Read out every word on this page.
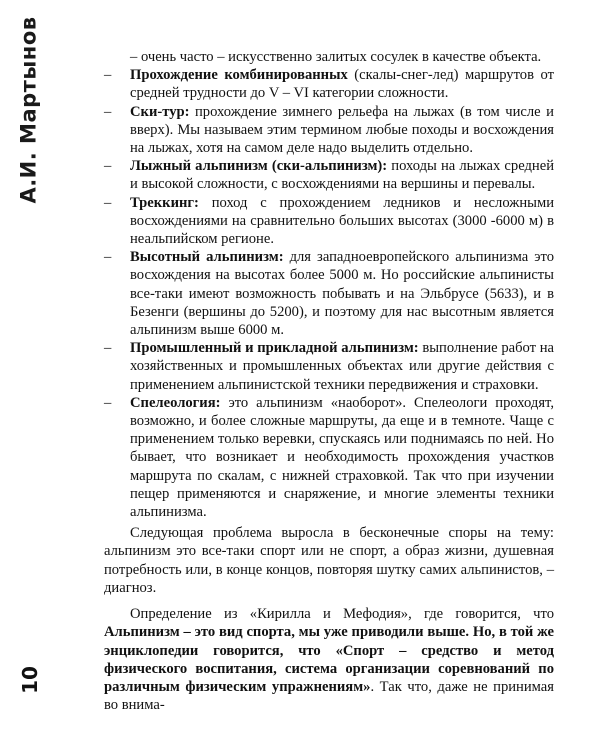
А.И. Мартынов
10
– очень часто – искусственно залитых сосулек в качестве объекта.
–	Прохождение комбинированных (скалы-снег-лед) маршрутов от средней трудности до V – VI категории сложности.
–	Ски-тур: прохождение зимнего рельефа на лыжах (в том числе и вверх). Мы называем этим термином любые походы и восхождения на лыжах, хотя на самом деле надо выделить отдельно.
–	Лыжный альпинизм (ски-альпинизм): походы на лыжах средней и высокой сложности, с восхождениями на вершины и перевалы.
–	Треккинг: поход с прохождением ледников и несложными восхождениями на сравнительно больших высотах (3000 -6000 м) в неальпийском регионе.
–	Высотный альпинизм: для западноевропейского альпинизма это восхождения на высотах более 5000 м. Но российские альпинисты все-таки имеют возможность побывать и на Эльбрусе (5633), и в Безенги (вершины до 5200), и поэтому для нас высотным является альпинизм выше 6000 м.
–	Промышленный и прикладной альпинизм: выполнение работ на хозяйственных и промышленных объектах или другие действия с применением альпинистской техники передвижения и страховки.
–	Спелеология: это альпинизм «наоборот». Спелеологи проходят, возможно, и более сложные маршруты, да еще и в темноте. Чаще с применением только веревки, спускаясь или поднимаясь по ней. Но бывает, что возникает и необходимость прохождения участков маршрута по скалам, с нижней страховкой. Так что при изучении пещер применяются и снаряжение, и многие элементы техники альпинизма.

Следующая проблема выросла в бесконечные споры на тему: альпинизм это все-таки спорт или не спорт, а образ жизни, душевная потребность или, в конце концов, повторяя шутку самих альпинистов, – диагноз.

Определение из «Кирилла и Мефодия», где говорится, что Альпинизм – это вид спорта, мы уже приводили выше. Но, в той же энциклопедии говорится, что «Спорт – средство и метод физического воспитания, система организации соревнований по различным физическим упражнениям». Так что, даже не принимая во внима-
